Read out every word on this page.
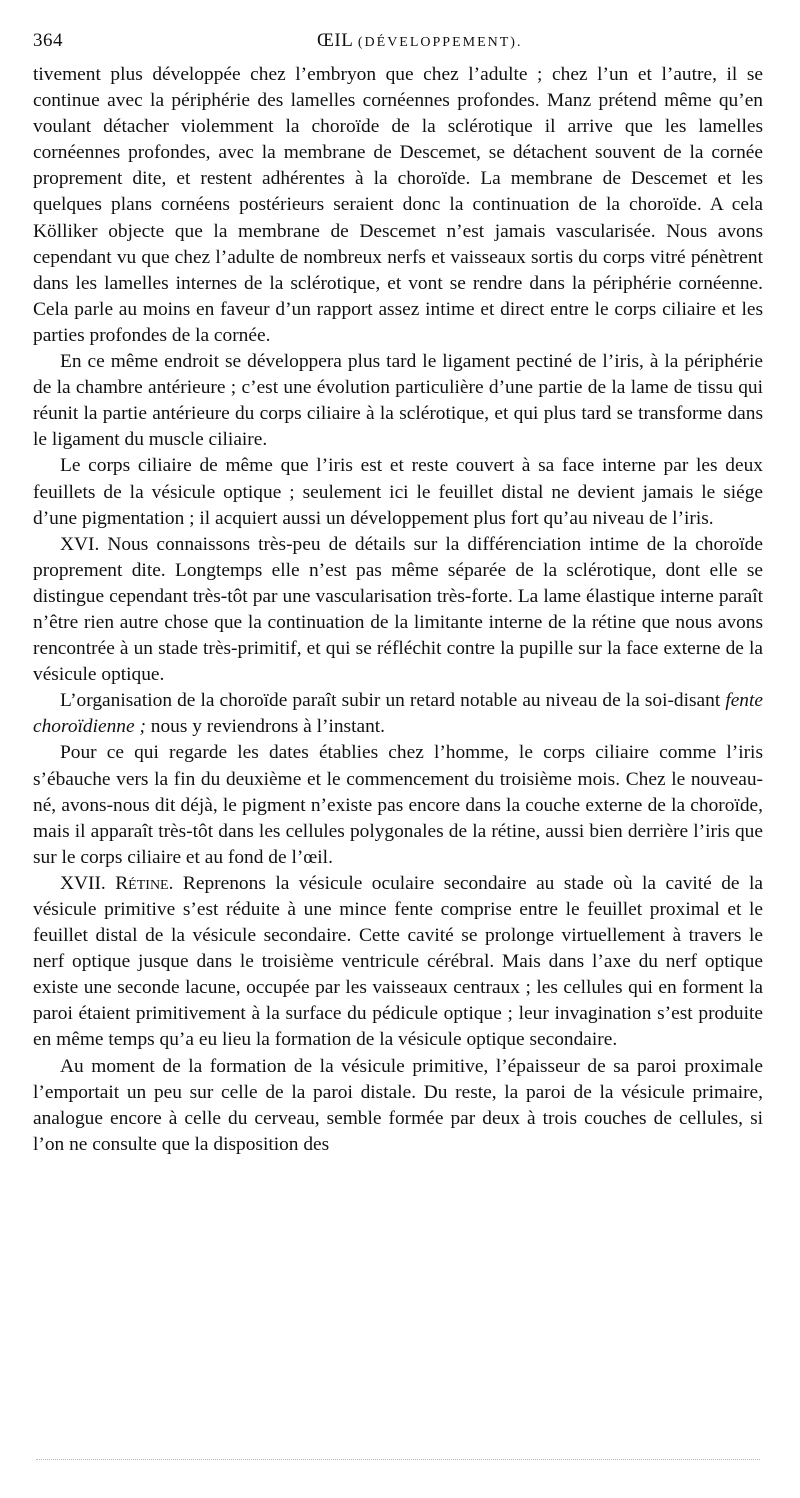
364	ŒIL (DÉVELOPPEMENT).

tivement plus développée chez l’embryon que chez l’adulte ; chez l’un et l’autre, il se continue avec la périphérie des lamelles cornéennes profondes. Manz prétend même qu’en voulant détacher violemment la choroïde de la sclérotique il arrive que les lamelles cornéennes profondes, avec la membrane de Descemet, se détachent souvent de la cornée proprement dite, et restent adhérentes à la choroïde. La membrane de Descemet et les quelques plans cornéens postérieurs seraient donc la continuation de la choroïde. A cela Kölliker objecte que la membrane de Descemet n’est jamais vascularisée. Nous avons cependant vu que chez l’adulte de nombreux nerfs et vaisseaux sortis du corps vitré pénètrent dans les lamelles internes de la sclérotique, et vont se rendre dans la périphérie cornéenne. Cela parle au moins en faveur d’un rapport assez intime et direct entre le corps ciliaire et les parties profondes de la cornée.

En ce même endroit se développera plus tard le ligament pectiné de l’iris, à la périphérie de la chambre antérieure ; c’est une évolution particulière d’une partie de la lame de tissu qui réunit la partie antérieure du corps ciliaire à la sclérotique, et qui plus tard se transforme dans le ligament du muscle ciliaire.

Le corps ciliaire de même que l’iris est et reste couvert à sa face interne par les deux feuillets de la vésicule optique ; seulement ici le feuillet distal ne devient jamais le siége d’une pigmentation ; il acquiert aussi un développement plus fort qu’au niveau de l’iris.

XVI. Nous connaissons très-peu de détails sur la différenciation intime de la choroïde proprement dite. Longtemps elle n’est pas même séparée de la sclérotique, dont elle se distingue cependant très-tôt par une vascularisation très-forte. La lame élastique interne paraît n’être rien autre chose que la continuation de la limitante interne de la rétine que nous avons rencontrée à un stade très-primitif, et qui se réfléchit contre la pupille sur la face externe de la vésicule optique.

L’organisation de la choroïde paraît subir un retard notable au niveau de la soi-disant fente choroïdienne ; nous y reviendrons à l’instant.

Pour ce qui regarde les dates établies chez l’homme, le corps ciliaire comme l’iris s’ébauche vers la fin du deuxième et le commencement du troisième mois. Chez le nouveau-né, avons-nous dit déjà, le pigment n’existe pas encore dans la couche externe de la choroïde, mais il apparaît très-tôt dans les cellules polygonales de la rétine, aussi bien derrière l’iris que sur le corps ciliaire et au fond de l’œil.

XVII. Rétine. Reprenons la vésicule oculaire secondaire au stade où la cavité de la vésicule primitive s’est réduite à une mince fente comprise entre le feuillet proximal et le feuillet distal de la vésicule secondaire. Cette cavité se prolonge virtuellement à travers le nerf optique jusque dans le troisième ventricule cérébral. Mais dans l’axe du nerf optique existe une seconde lacune, occupée par les vaisseaux centraux ; les cellules qui en forment la paroi étaient primitivement à la surface du pédicule optique ; leur invagination s’est produite en même temps qu’a eu lieu la formation de la vésicule optique secondaire.

Au moment de la formation de la vésicule primitive, l’épaisseur de sa paroi proximale l’emportait un peu sur celle de la paroi distale. Du reste, la paroi de la vésicule primaire, analogue encore à celle du cerveau, semble formée par deux à trois couches de cellules, si l’on ne consulte que la disposition des
